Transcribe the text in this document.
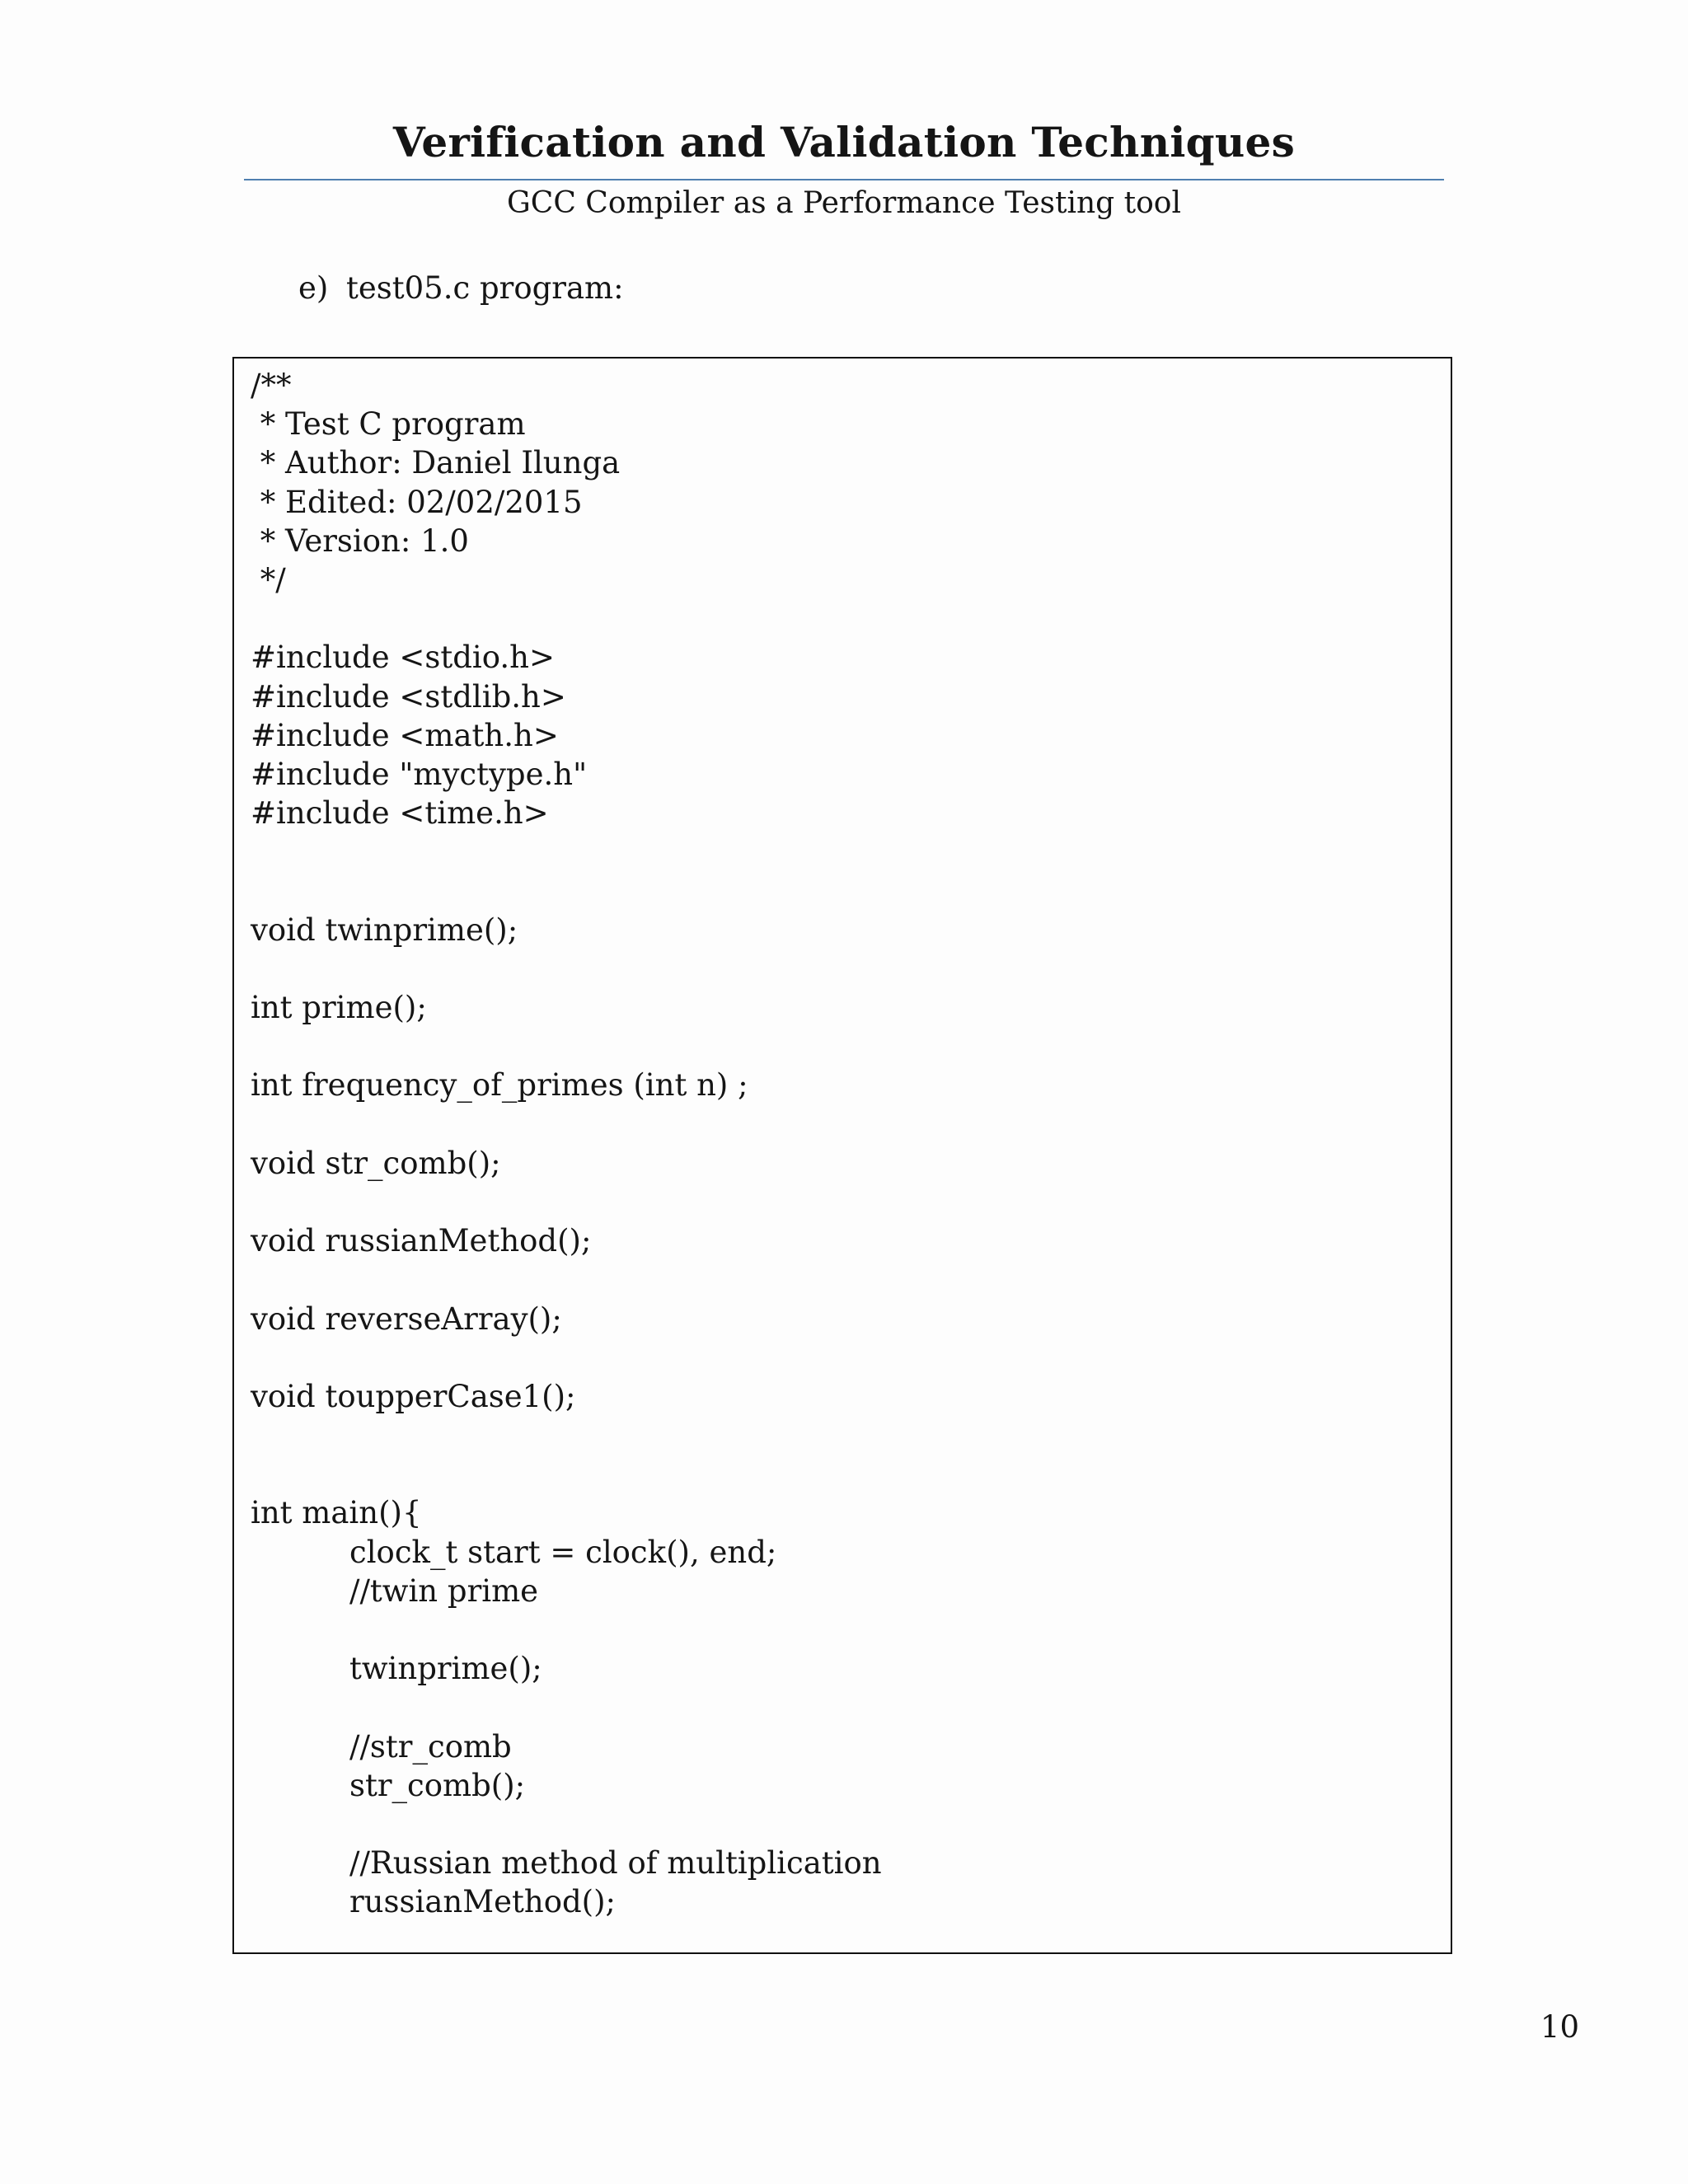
Verification and Validation Techniques
GCC Compiler as a Performance Testing tool
e) test05.c program:
/**
* Test C program
* Author: Daniel Ilunga
* Edited: 02/02/2015
* Version: 1.0
*/
#include <stdio.h>
#include <stdlib.h>
#include <math.h>
#include "myctype.h"
#include <time.h>
void twinprime();
int prime();
int frequency_of_primes (int n) ;
void str_comb();
void russianMethod();
void reverseArray();
void toupperCase1();
int main(){
clock_t start = clock(), end;
//twin prime
twinprime();
//str_comb
str_comb();
//Russian method of multiplication
russianMethod();
10
